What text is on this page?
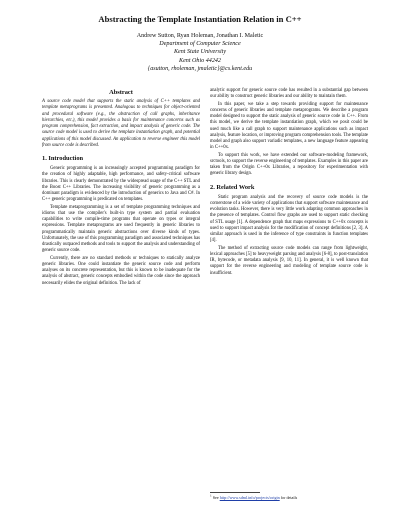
Abstracting the Template Instantiation Relation in C++
Andrew Sutton, Ryan Holeman, Jonathan I. Maletic
Department of Computer Science
Kent State University
Kent Ohio 44242
{asutton, rholeman, jmaletic}@cs.kent.edu
Abstract
A source code model that supports the static analysis of C++ templates and template metaprograms is presented. Analogous to techniques for object-oriented and procedural software (e.g., the abstraction of call graphs, inheritance hierarchies, etc.), this model provides a basis for maintenance concerns such as program comprehension, fact extraction, and impact analysis of generic code. The source code model is used to derive the template instantiation graph, and potential applications of this model discussed. An application to reverse engineer this model from source code is described.
1. Introduction

Generic programming is an increasingly accepted programming paradigm for the creation of highly adaptable, high performance, and safety-critical software libraries. This is clearly demonstrated by the widespread usage of the C++ STL and the Boost C++ Libraries. The increasing visibility of generic programming as a dominant paradigm is evidenced by the introduction of generics to Java and C#. In C++ generic programming is predicated on templates.

Template metaprogramming is a set of template programming techniques and idioms that use the compiler's built-in type system and partial evaluation capabilities to write compile-time programs that operate on types or integral expressions. Template metaprograms are used frequently in generic libraries to programmatically maintain generic abstractions over diverse kinds of types. Unfortunately, the use of this programming paradigm and associated techniques has drastically outpaced methods and tools to support the analysis and understanding of generic source code.

Currently, there are no standard methods or techniques to statically analyze generic libraries. One could instantiate the generic source code and perform analyses on its concrete representation, but this is known to be inadequate for the analysis of abstract, generic concepts embodied within the code since the approach necessarily elides the original definition. The lack of

analytic support for generic source code has resulted in a substantial gap between our ability to construct generic libraries and our ability to maintain them.

In this paper, we take a step towards providing support for maintenance concerns of generic libraries and template metaprograms. We describe a program model designed to support the static analysis of generic source code in C++. From this model, we derive the template instantiation graph, which we posit could be used much like a call graph to support maintenance applications such as impact analysis, feature location, or improving program comprehension tools. The template model and graph also support variadic templates, a new language feature appearing in C++0x.

To support this work, we have extended our software-modeling framework, srctools, to support the reverse engineering of templates. Examples in this paper are taken from the Origin C++0x Libraries, a repository for experimentation with generic library design.

2. Related Work

Static program analysis and the recovery of source code models is the cornerstone of a wide variety of applications that support software maintenance and evolution tasks. However, there is very little work adapting common approaches in the presence of templates. Control flow graphs are used to support static checking of STL usage [1]. A dependence graph that maps expressions to C++0x concepts is used to support impact analysis for the modification of concept definitions [2, 3]. A similar approach is used in the inference of type constraints in function templates [4].

The method of extracting source code models can range from lightweight, lexical approaches [5] to heavyweight parsing and analysis [6-8], to post-translation IR, bytecode, or metadata analysis [9, 10, 11]. In general, it is well known that support for the reverse engineering and modeling of template source code is insufficient.

$^1$ See http://www.sdml.info/projects/origin for details
